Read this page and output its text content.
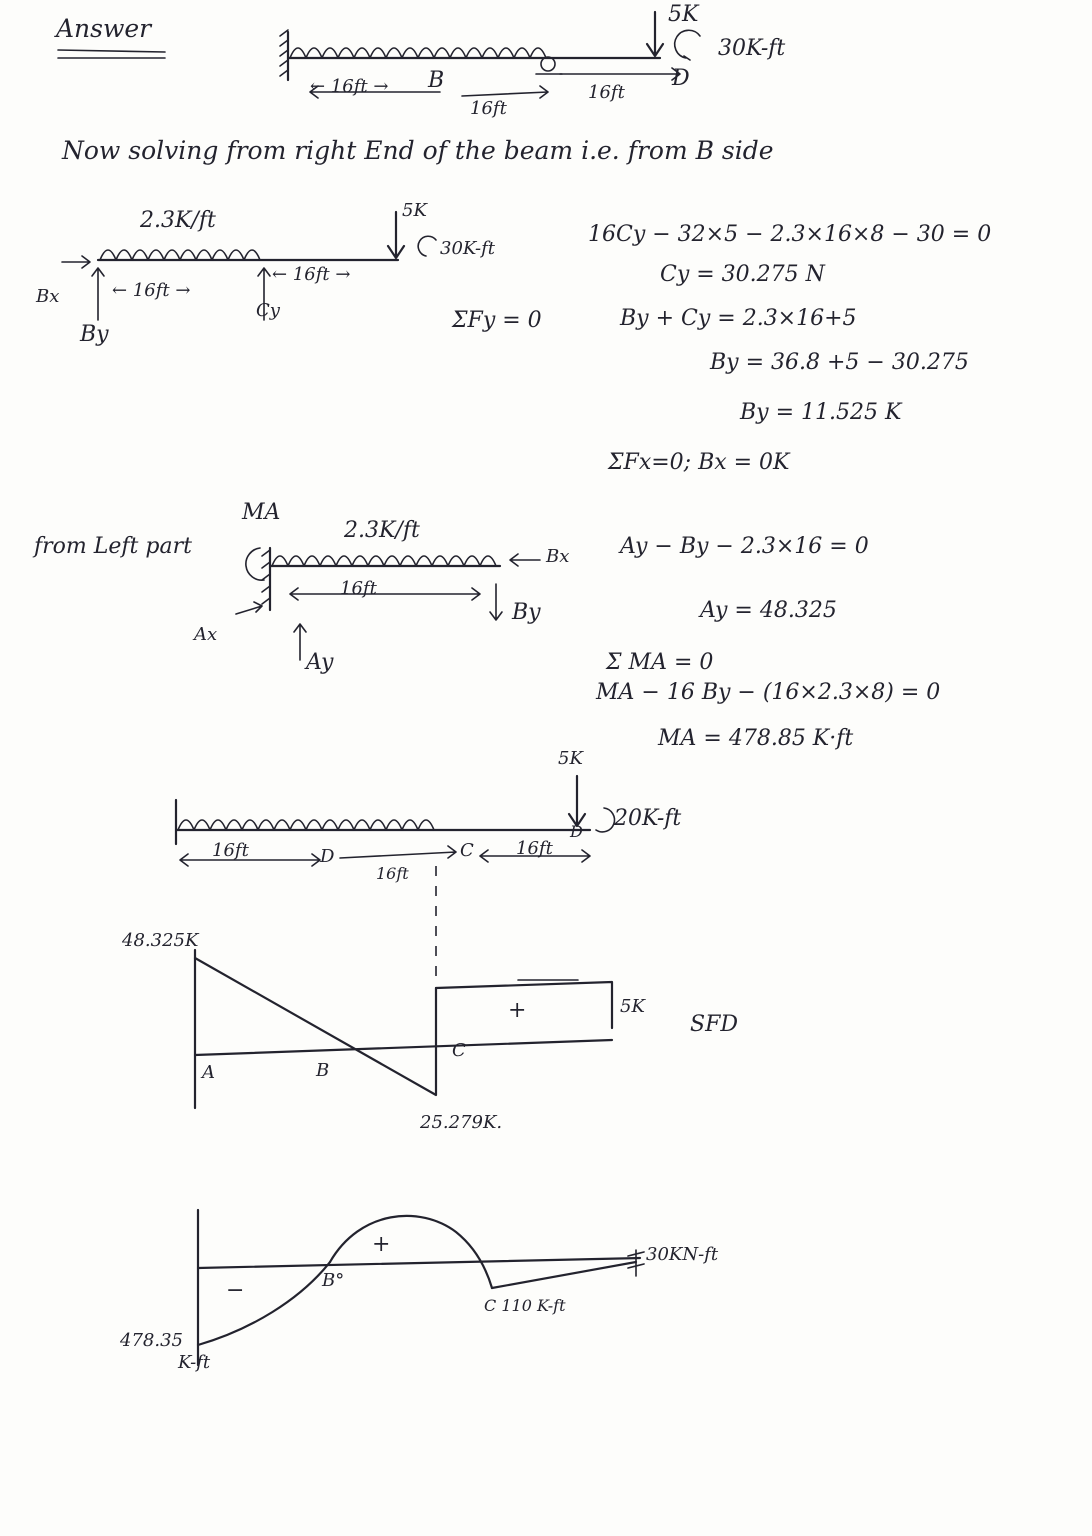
Answer	5K
30K-ft
← 16ft → B
16ft
16ft
D
Now solving from right End of the beam i.e. from B side
2.3K/ft	5K
30K-ft
Bx
By
Cy
← 16ft →
← 16ft →
16Cy − 32×5 − 2.3×16×8 − 30 = 0
Cy = 30.275 N
ΣFy = 0	By + Cy = 2.3×16+5
By = 36.8 +5 − 30.275
By = 11.525 K
ΣFx=0; Bx = 0K
from Left part
MA
2.3K/ft
Bx
Ax
Ay
By
16ft
Ay − By − 2.3×16 = 0
Ay = 48.325
Σ MA = 0
MA − 16 By − (16×2.3×8) = 0
MA = 478.85 K·ft
5K
20K-ft
16ft	D
16ft
C 16ft
D
48.325K
+	5K
SFD
A	B
C
25.279K.
+
−	B°
C 110 K-ft
30KN-ft
478.35
K-ft
